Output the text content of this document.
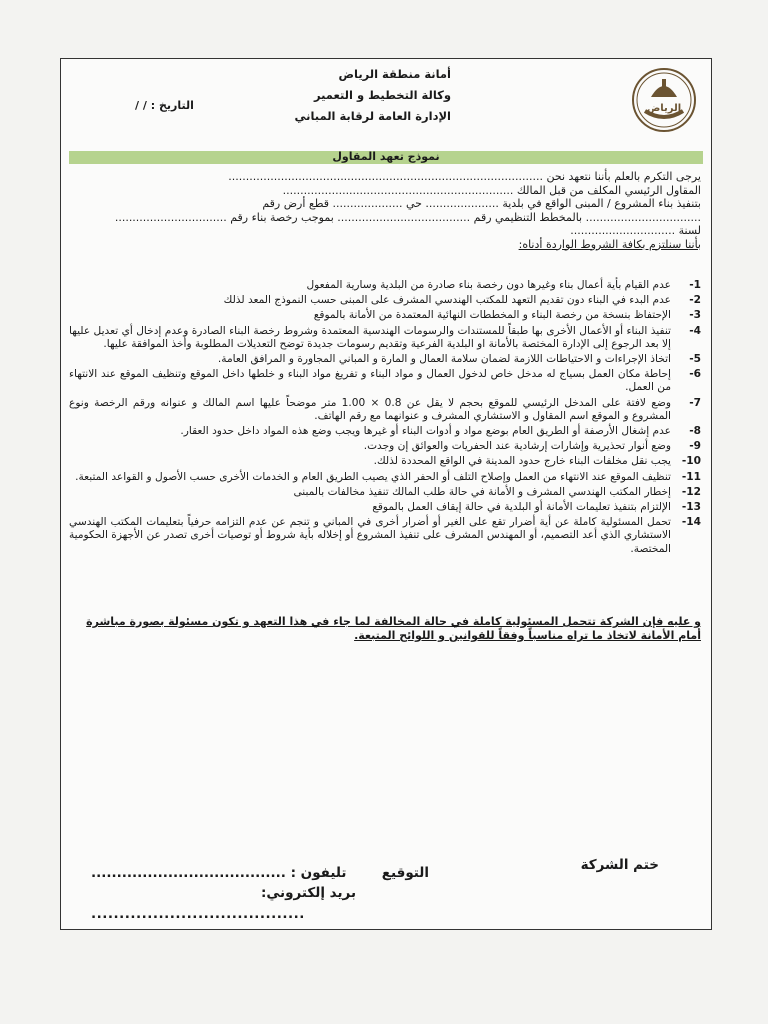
الرياض
أمانة منطقة الرياض
وكالة التخطيط و التعمير
الإدارة العامة لرقابة المباني
التاريخ : / /
نموذج تعهد المقاول
يرجى التكرم بالعلم بأننا نتعهد نحن ..........................................................................................
المقاول الرئيسي المكلف من قبل المالك ..................................................................
بتنفيذ بناء المشروع / المبنى الواقع في بلدية ..................... حي .................... قطع أرض رقم
................................. بالمخطط التنظيمي رقم ...................................... بموجب رخصة بناء رقم ................................
لسنة ..............................
بأننا سنلتزم بكافة الشروط الواردة أدناه:
1-
عدم القيام بأية أعمال بناء وغيرها دون رخصة بناء صادرة من البلدية وسارية المفعول
2-
عدم البدء في البناء دون تقديم التعهد للمكتب الهندسي المشرف على المبنى حسب النموذج المعد لذلك
3-
الإحتفاظ بنسخة من رخصة البناء و المخططات النهائية المعتمدة من الأمانة بالموقع
4-
تنفيذ البناء أو الأعمال الأخرى بها طبقاً للمستندات والرسومات الهندسية المعتمدة وشروط رخصة البناء الصادرة وعدم إدخال أي تعديل عليها إلا بعد الرجوع إلى الإدارة المختصة بالأمانة او البلدية الفرعية وتقديم رسومات جديدة توضح التعديلات المطلوبة وأخذ الموافقة عليها.
5-
اتخاذ الإجراءات و الاحتياطات اللازمة لضمان سلامة العمال و المارة و المباني المجاورة و المرافق العامة.
6-
إحاطة مكان العمل بسياج له مدخل خاص لدخول العمال و مواد البناء و تفريغ مواد البناء و خلطها داخل الموقع وتنظيف الموقع عند الانتهاء من العمل.
7-
وضع لافتة على المدخل الرئيسي للموقع بحجم لا يقل عن 0.8 × 1.00 متر موضحاً عليها اسم المالك و عنوانه ورقم الرخصة ونوع المشروع و الموقع اسم المقاول و الاستشاري المشرف و عنوانهما مع رقم الهاتف.
8-
عدم إشغال الأرصفة أو الطريق العام بوضع مواد و أدوات البناء أو غيرها ويجب وضع هذه المواد داخل حدود العقار.
9-
وضع أنوار تحذيرية وإشارات إرشادية عند الحفريات والعوائق إن وجدت.
10-
يجب نقل مخلفات البناء خارج حدود المدينة في الواقع المحددة لذلك.
11-
تنظيف الموقع عند الانتهاء من العمل وإصلاح التلف أو الحفر الذي يصيب الطريق العام و الخدمات الأخرى حسب الأصول و القواعد المتبعة.
12-
إخطار المكتب الهندسي المشرف و الأمانة في حالة طلب المالك تنفيذ مخالفات بالمبنى
13-
الإلتزام بتنفيذ تعليمات الأمانة أو البلدية في حالة إيقاف العمل بالموقع
14-
تحمل المسئولية كاملة عن أية أضرار تقع على الغير أو أضرار أخرى في المباني و تنجم عن عدم التزامه حرفياً بتعليمات المكتب الهندسي الاستشاري الذي أعد التصميم، أو المهندس المشرف على تنفيذ المشروع أو إخلاله بأية شروط أو توصيات أخرى تصدر عن الأجهزة الحكومية المختصة.
و عليه فإن الشركة تتحمل المسئولية كاملة في حالة المخالفة لما جاء في هذا التعهد و تكون مسئولة بصورة مباشرة أمام الأمانة لاتخاذ ما تراه مناسباً وفقاً للقوانين و اللوائح المتبعة.
ختم الشركة
التوقيع
تليفون : ......................................
بريد إلكتروني:
......................................
